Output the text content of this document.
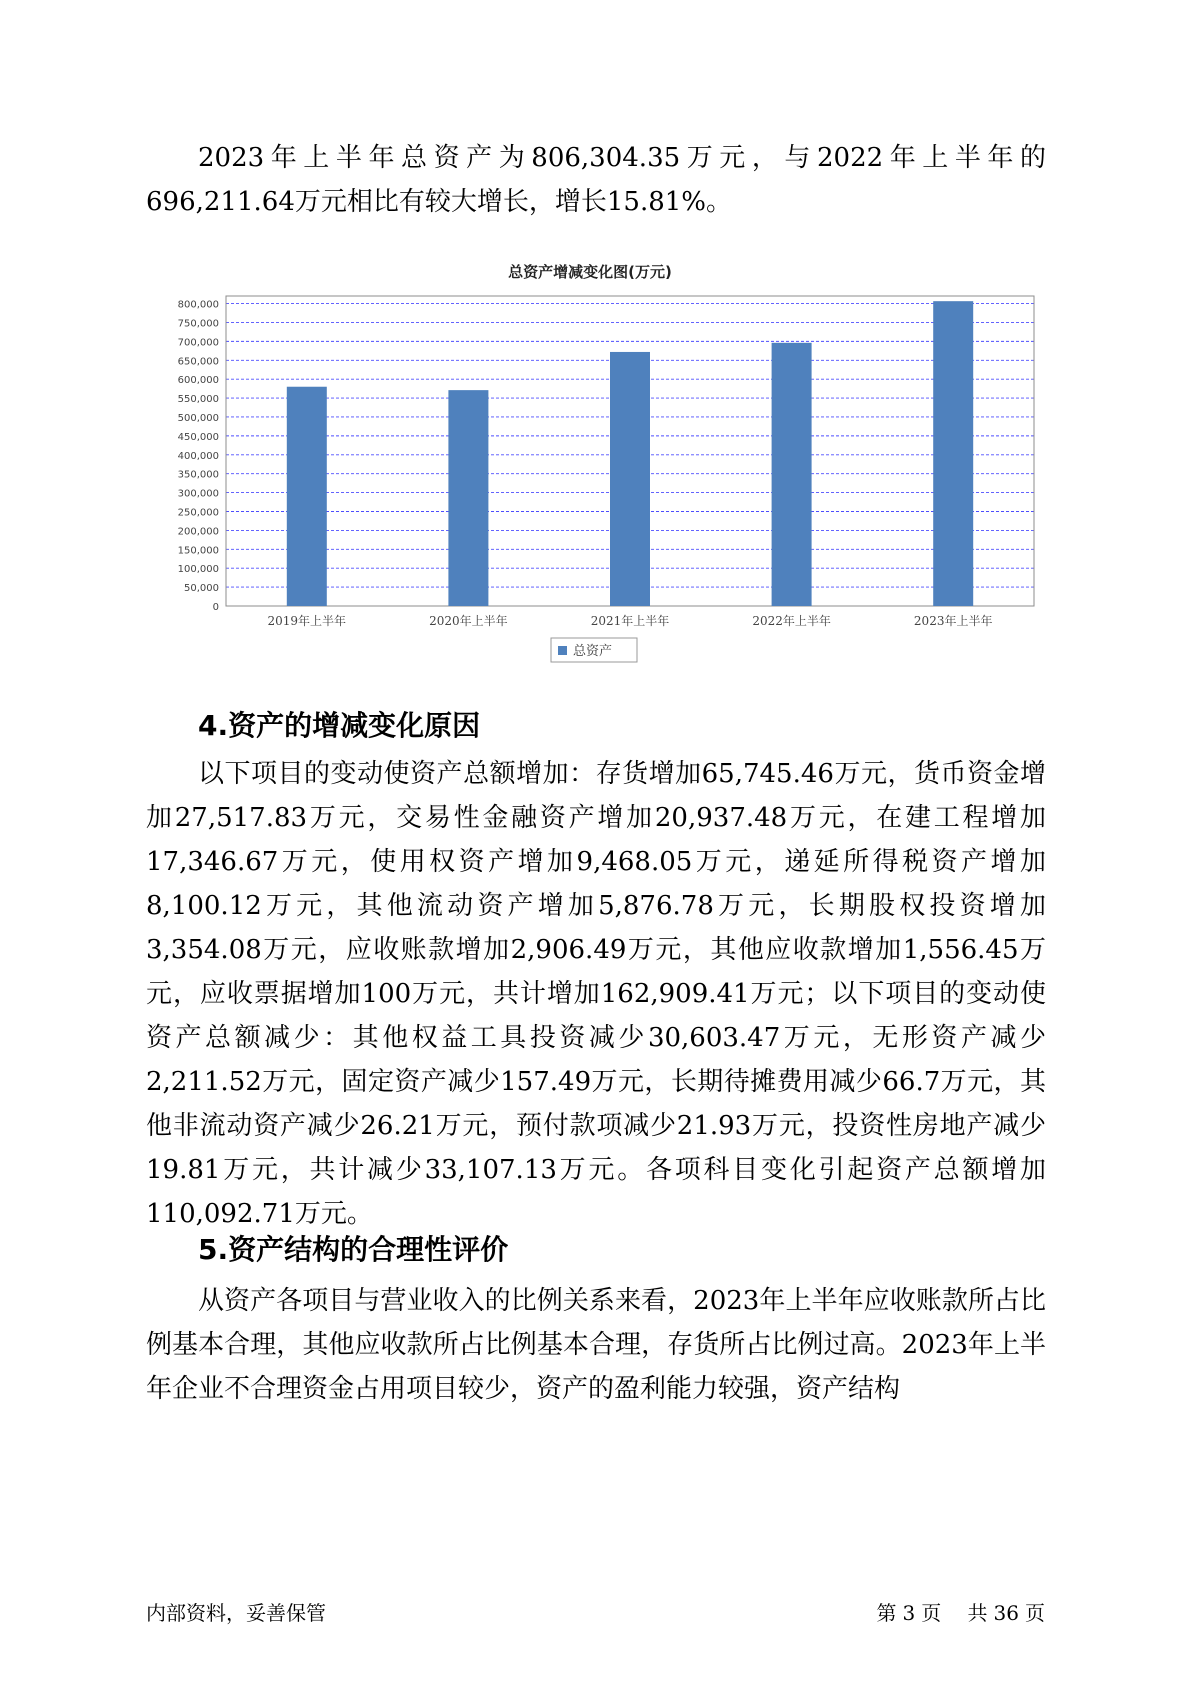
2023年上半年总资产为806,304.35万元，与2022年上半年的696,211.64万元相比有较大增长，增长15.81%。

总资产增减变化图(万元)
0
50,000
100,000
150,000
200,000
250,000
300,000
350,000
400,000
450,000
500,000
550,000
600,000
650,000
700,000
750,000
800,000
2019年上半年	2020年上半年	2021年上半年	2022年上半年	2023年上半年
总资产
4.资产的增减变化原因

以下项目的变动使资产总额增加：存货增加65,745.46万元，货币资金增加27,517.83万元，交易性金融资产增加20,937.48万元，在建工程增加17,346.67万元，使用权资产增加9,468.05万元，递延所得税资产增加8,100.12万元，其他流动资产增加5,876.78万元，长期股权投资增加3,354.08万元，应收账款增加2,906.49万元，其他应收款增加1,556.45万元，应收票据增加100万元，共计增加162,909.41万元；以下项目的变动使资产总额减少：其他权益工具投资减少30,603.47万元，无形资产减少2,211.52万元，固定资产减少157.49万元，长期待摊费用减少66.7万元，其他非流动资产减少26.21万元，预付款项减少21.93万元，投资性房地产减少19.81万元，共计减少33,107.13万元。各项科目变化引起资产总额增加110,092.71万元。

5.资产结构的合理性评价

从资产各项目与营业收入的比例关系来看，2023年上半年应收账款所占比例基本合理，其他应收款所占比例基本合理，存货所占比例过高。2023年上半年企业不合理资金占用项目较少，资产的盈利能力较强，资产结构

内部资料，妥善保管	第 3 页 共 36 页
